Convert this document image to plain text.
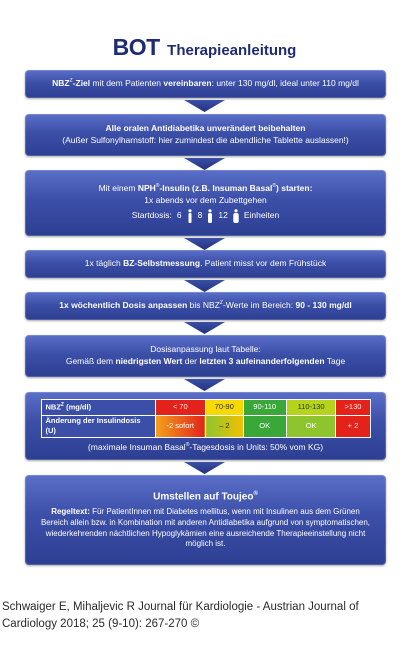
BOT Therapieanleitung
$NBZ^Z$-Ziel mit dem Patienten vereinbaren: unter 130 mg/dl, ideal unter 110 mg/dl
Alle oralen Antidiabetika unverändert beibehalten
(Außer Sulfonylharnstoff: hier zumindest die abendliche Tablette auslassen!)
Mit einem NPH®-Insulin (z.B. Insuman Basal®) starten:
1x abends vor dem Zubettgehen
Startdosis: 6 8 12 Einheiten
1x täglich BZ-Selbstmessung. Patient misst vor dem Frühstück
1x wöchentlich Dosis anpassen bis $NBZ^Z$-Werte im Bereich: 90 - 130 mg/dl
Dosisanpassung laut Tabelle:
Gemäß dem niedrigsten Wert der letzten 3 aufeinanderfolgenden Tage
$NBZ^Z$ (mg/dl)	< 70	70-90	90-110	110-130	>130
Änderung der Insulindosis (U)	-2 sofort	– 2	OK	OK	+ 2
(maximale Insuman Basal®-Tagesdosis in Units: 50% vom KG)
Umstellen auf Toujeo®
Regeltext: Für PatientInnen mit Diabetes mellitus, wenn mit Insulinen aus dem Grünen Bereich allein bzw. in Kombination mit anderen Antidiabetika aufgrund von symptomatischen, wiederkehrenden nächtlichen Hypoglykämien eine ausreichende Therapieeinstellung nicht möglich ist.
Schwaiger E, Mihaljevic R Journal für Kardiologie - Austrian Journal of Cardiology 2018; 25 (9-10): 267-270 ©
